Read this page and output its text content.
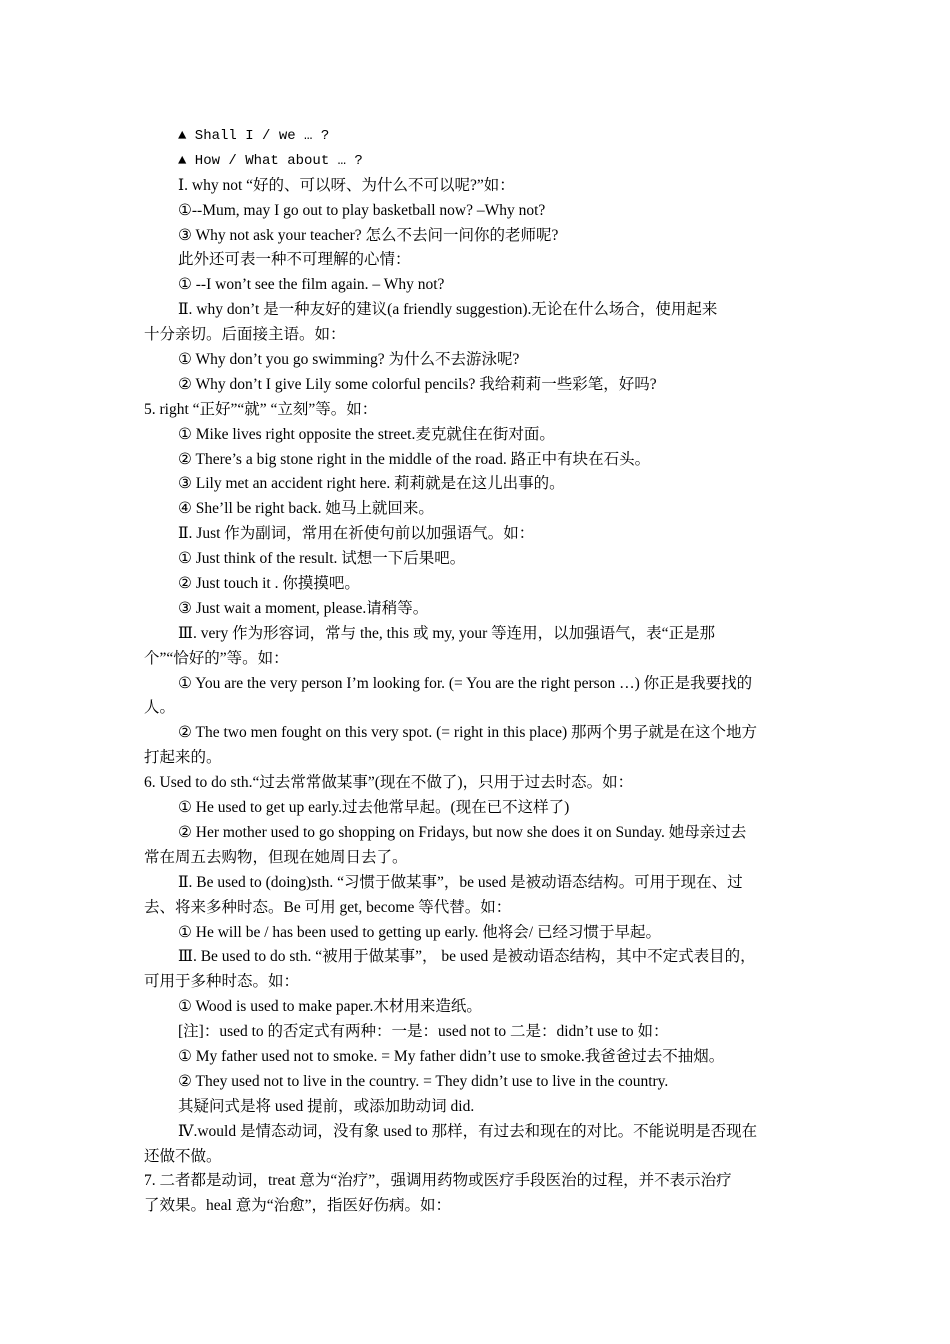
▲ Shall I / we … ?
▲ How / What about … ?
Ⅰ. why not “好的、可以呀、为什么不可以呢?”如：
①--Mum, may I go out to play basketball now? –Why not?
③ Why not ask your teacher? 怎么不去问一问你的老师呢?
此外还可表一种不可理解的心情：
① --I won’t see the film again. – Why not?
Ⅱ. why don’t 是一种友好的建议(a friendly suggestion).无论在什么场合，使用起来
十分亲切。后面接主语。如：
① Why don’t you go swimming? 为什么不去游泳呢?
② Why don’t I give Lily some colorful pencils? 我给莉莉一些彩笔，好吗?
5. right “正好”“就” “立刻”等。如：
① Mike lives right opposite the street.麦克就住在街对面。
② There’s a big stone right in the middle of the road. 路正中有块在石头。
③ Lily met an accident right here. 莉莉就是在这儿出事的。
④ She’ll be right back. 她马上就回来。
Ⅱ. Just 作为副词，常用在祈使句前以加强语气。如：
① Just think of the result. 试想一下后果吧。
② Just touch it . 你摸摸吧。
③ Just wait a moment, please.请稍等。
Ⅲ. very 作为形容词，常与 the, this 或 my, your 等连用，以加强语气，表“正是那
个”“恰好的”等。如：
① You are the very person I’m looking for. (= You are the right person …) 你正是我要找的
人。
② The two men fought on this very spot. (= right in this place) 那两个男子就是在这个地方
打起来的。
6. Used to do sth.“过去常常做某事”(现在不做了)，只用于过去时态。如：
① He used to get up early.过去他常早起。(现在已不这样了)
② Her mother used to go shopping on Fridays, but now she does it on Sunday. 她母亲过去
常在周五去购物，但现在她周日去了。
Ⅱ. Be used to (doing)sth. “习惯于做某事”，be used 是被动语态结构。可用于现在、过
去、将来多种时态。Be 可用 get, become 等代替。如：
① He will be / has been used to getting up early. 他将会/ 已经习惯于早起。
Ⅲ. Be used to do sth. “被用于做某事”， be used 是被动语态结构，其中不定式表目的，
可用于多种时态。如：
① Wood is used to make paper.木材用来造纸。
[注]：used to 的否定式有两种：一是：used not to 二是：didn’t use to 如：
① My father used not to smoke. = My father didn’t use to smoke.我爸爸过去不抽烟。
② They used not to live in the country. = They didn’t use to live in the country.
其疑问式是将 used 提前，或添加助动词 did.
Ⅳ.would 是情态动词，没有象 used to 那样，有过去和现在的对比。不能说明是否现在
还做不做。
7. 二者都是动词，treat 意为“治疗”，强调用药物或医疗手段医治的过程，并不表示治疗
了效果。heal 意为“治愈”，指医好伤病。如：
